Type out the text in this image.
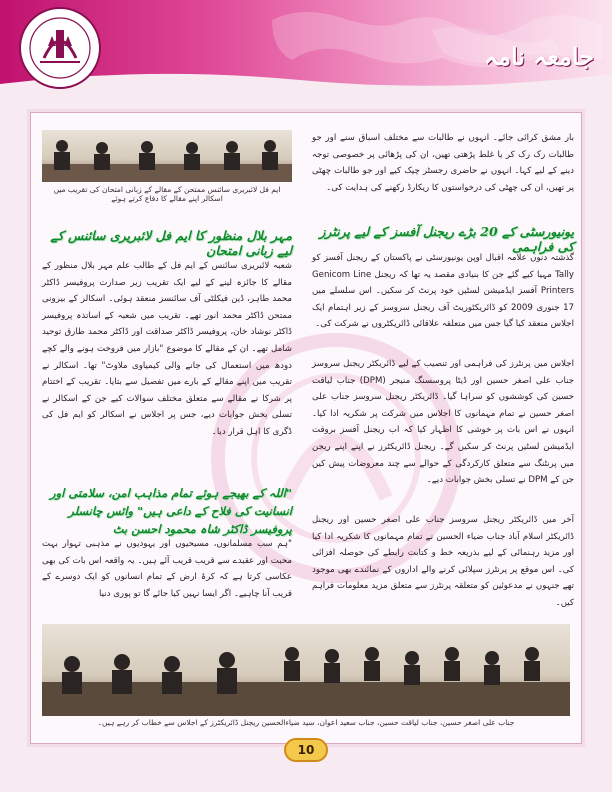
جامعہ نامہ
ایم فل لائبریری سائنس ممتحن کے مقالے کے زبانی امتحان کی تقریب میں اسکالر اپنے مقالے کا دفاع کرتے ہوئے
بار مشق کرائی جائے۔ انہوں نے طالبات سے مختلف اسباق سنے اور جو طالبات رک رک کر یا غلط پڑھتی تھیں، ان کی پڑھائی پر خصوصی توجہ دینے کے لیے کہا۔ انہوں نے حاضری رجسٹر چیک کیے اور جو طالبات چھٹی پر تھیں، ان کی چھٹی کی درخواستوں کا ریکارڈ رکھنے کی ہدایت کی۔
یونیورسٹی کے 20 بڑے ریجنل آفسز کے لیے پرنٹرز کی فراہمی
گذشتہ دنوں علامہ اقبال اوپن یونیورسٹی نے پاکستان کے ریجنل آفسز کو Tally مہیا کیے گئے جن کا بنیادی مقصد یہ تھا کہ ریجنل Genicom Line Printers آفسز ایڈمیشن لسٹیں خود پرنٹ کر سکیں۔ اس سلسلے میں 17 جنوری 2009 کو ڈائریکٹوریٹ آف ریجنل سروسز کے زیر اہتمام ایک اجلاس منعقد کیا گیا جس میں متعلقہ علاقائی ڈائریکٹروں نے شرکت کی۔
اجلاس میں پرنٹرز کی فراہمی اور تنصیب کے لیے ڈائریکٹر ریجنل سروسز جناب علی اصغر حسین اور ڈیٹا پروسسنگ منیجر (DPM) جناب لیاقت حسین کی کوششوں کو سراہا گیا۔ ڈائریکٹر ریجنل سروسز جناب علی اصغر حسین نے تمام مہمانوں کا اجلاس میں شرکت پر شکریہ ادا کیا۔ انہوں نے اس بات پر خوشی کا اظہار کیا کہ اب ریجنل آفسز بروقت ایڈمیشن لسٹیں پرنٹ کر سکیں گے۔ ریجنل ڈائریکٹرز نے اپنے اپنے ریجن میں پرنٹنگ سے متعلق کارکردگی کے حوالے سے چند معروضات پیش کیں جن کے DPM نے تسلی بخش جوابات دیے۔
آخر میں ڈائریکٹر ریجنل سروسز جناب علی اصغر حسین اور ریجنل ڈائریکٹر اسلام آباد جناب ضیاء الحسین نے تمام مہمانوں کا شکریہ ادا کیا اور مزید رہنمائی کے لیے بذریعہ خط و کتابت رابطے کی حوصلہ افزائی کی۔ اس موقع پر پرنٹرز سپلائی کرنے والے اداروں کے نمائندے بھی موجود تھے جنہوں نے مدعوئین کو متعلقہ پرنٹرز سے متعلق مزید معلومات فراہم کیں۔
مہر بلال منظور کا ایم فل لائبریری سائنس کے لیے زبانی امتحان
شعبہ لائبریری سائنس کے ایم فل کے طالب علم مہر بلال منظور کے مقالے کا جائزہ لینے کے لیے ایک تقریب زیر صدارت پروفیسر ڈاکٹر محمد طاہر، ڈین فیکلٹی آف سائنسز منعقد ہوئی۔ اسکالر کے بیرونی ممتحن ڈاکٹر محمد انور تھے۔ تقریب میں شعبہ کے اساتذہ پروفیسر ڈاکٹر نوشاد خان، پروفیسر ڈاکٹر صداقت اور ڈاکٹر محمد طارق توحید شامل تھے۔ ان کے مقالے کا موضوع "بازار میں فروخت ہونے والے کچے دودھ میں استعمال کی جانے والی کیمیاوی ملاوٹ" تھا۔ اسکالر نے تقریب میں اپنے مقالے کے بارے میں تفصیل سے بتایا۔ تقریب کے اختتام پر شرکا نے مقالے سے متعلق مختلف سوالات کیے جن کے اسکالر نے تسلی بخش جوابات دیے، جس پر اجلاس نے اسکالر کو ایم فل کی ڈگری کا اہل قرار دیا۔
"اللہ کے بھیجے ہوئے تمام مذاہب امن، سلامتی اور انسانیت کی فلاح کے داعی ہیں" وائس چانسلر پروفیسر ڈاکٹر شاہ محمود احسن بٹ
"ہم سب مسلمانوں، مسیحیوں اور یہودیوں نے مذہبی تہوار بہت محبت اور عقیدے سے قریب قریب آئے ہیں۔ یہ واقعہ اس بات کی بھی عکاسی کرتا ہے کہ کرۂ ارض کے تمام انسانوں کو ایک دوسرے کے قریب آنا چاہیے۔ اگر ایسا نہیں کیا جائے گا تو پوری دنیا
جناب علی اصغر حسین، جناب لیاقت حسین، جناب سعید اعوان، سید ضیاءالحسین ریجنل ڈائریکٹرز کے اجلاس سے خطاب کر رہے ہیں۔
10
